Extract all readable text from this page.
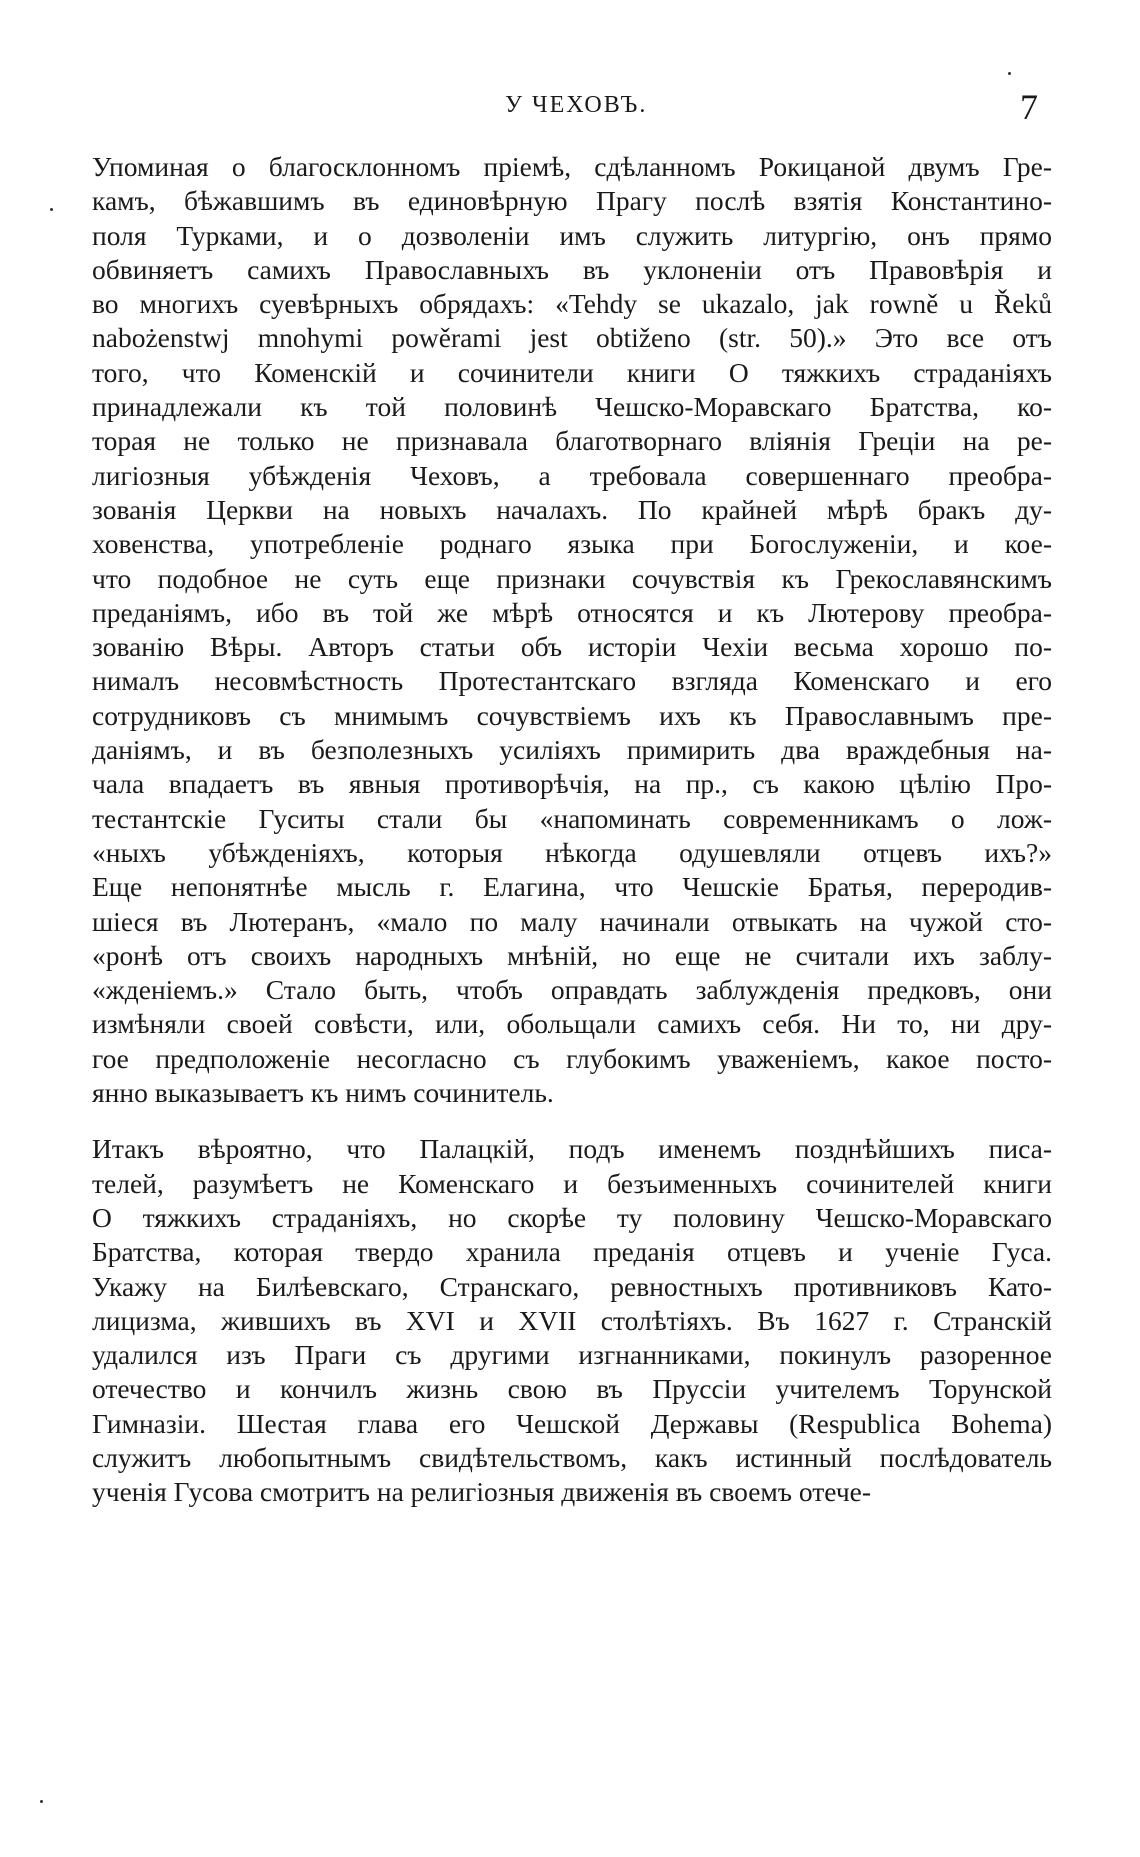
У ЧЕХОВЪ.	7
Упоминая о благосклонномъ прiемѣ, сдѣланномъ Рокицаной двумъ Гре-
камъ, бѣжавшимъ въ единовѣрную Прагу послѣ взятiя Константино-
поля Турками, и о дозволенiи имъ служить литургiю, онъ прямо
обвиняетъ самихъ Православныхъ въ уклоненiи отъ Правовѣрiя и
во многихъ суевѣрныхъ обрядахъ: «Tehdy se ukazalo, jak rowně u Řeků
nabożenstwj mnohymi powěrami jest obtiženo (str. 50).» Это все отъ
того, что Коменскiй и сочинители книги О тяжкихъ страданiяхъ
принадлежали къ той половинѣ Чешско-Моравскаго Братства, ко-
торая не только не признавала благотворнаго влiянiя Грецiи на ре-
лигiозныя убѣжденiя Чеховъ, а требовала совершеннаго преобра-
зованiя Церкви на новыхъ началахъ. По крайней мѣрѣ бракъ ду-
ховенства, употребленiе роднаго языка при Богослуженiи, и кое-
что подобное не суть еще признаки сочувствiя къ Грекославянскимъ
преданiямъ, ибо въ той же мѣрѣ относятся и къ Лютерову преобра-
зованiю Вѣры. Авторъ статьи объ исторiи Чехiи весьма хорошо по-
нималъ несовмѣстность Протестантскаго взгляда Коменскаго и его
сотрудниковъ съ мнимымъ сочувствiемъ ихъ къ Православнымъ пре-
данiямъ, и въ безполезныхъ усилiяхъ примирить два враждебныя на-
чала впадаетъ въ явныя противорѣчiя, на пр., съ какою цѣлiю Про-
тестантскiе Гуситы стали бы «напоминать современникамъ о лож-
«ныхъ убѣжденiяхъ, которыя нѣкогда одушевляли отцевъ ихъ?»
Еще непонятнѣе мысль г. Елагина, что Чешскiе Братья, переродив-
шiеся въ Лютеранъ, «мало по малу начинали отвыкать на чужой сто-
«ронѣ отъ своихъ народныхъ мнѣнiй, но еще не считали ихъ заблу-
«жденiемъ.» Стало быть, чтобъ оправдать заблужденiя предковъ, они
измѣняли своей совѣсти, или, обольщали самихъ себя. Ни то, ни дру-
гое предположенiе несогласно съ глубокимъ уваженiемъ, какое посто-
янно выказываетъ къ нимъ сочинитель.
Итакъ вѣроятно, что Палацкiй, подъ именемъ позднѣйшихъ писа-
телей, разумѣетъ не Коменскаго и безъименныхъ сочинителей книги
О тяжкихъ страданiяхъ, но скорѣе ту половину Чешско-Моравскаго
Братства, которая твердо хранила преданiя отцевъ и ученiе Гуса.
Укажу на Билѣевскаго, Странскаго, ревностныхъ противниковъ Като-
лицизма, жившихъ въ XVI и XVII столѣтiяхъ. Въ 1627 г. Странскiй
удалился изъ Праги съ другими изгнанниками, покинулъ разоренное
отечество и кончилъ жизнь свою въ Пруссiи учителемъ Торунской
Гимназiи. Шестая глава его Чешской Державы (Respublica Bohema)
служитъ любопытнымъ свидѣтельствомъ, какъ истинный послѣдователь
ученiя Гусова смотритъ на религiозныя движенiя въ своемъ отече-
